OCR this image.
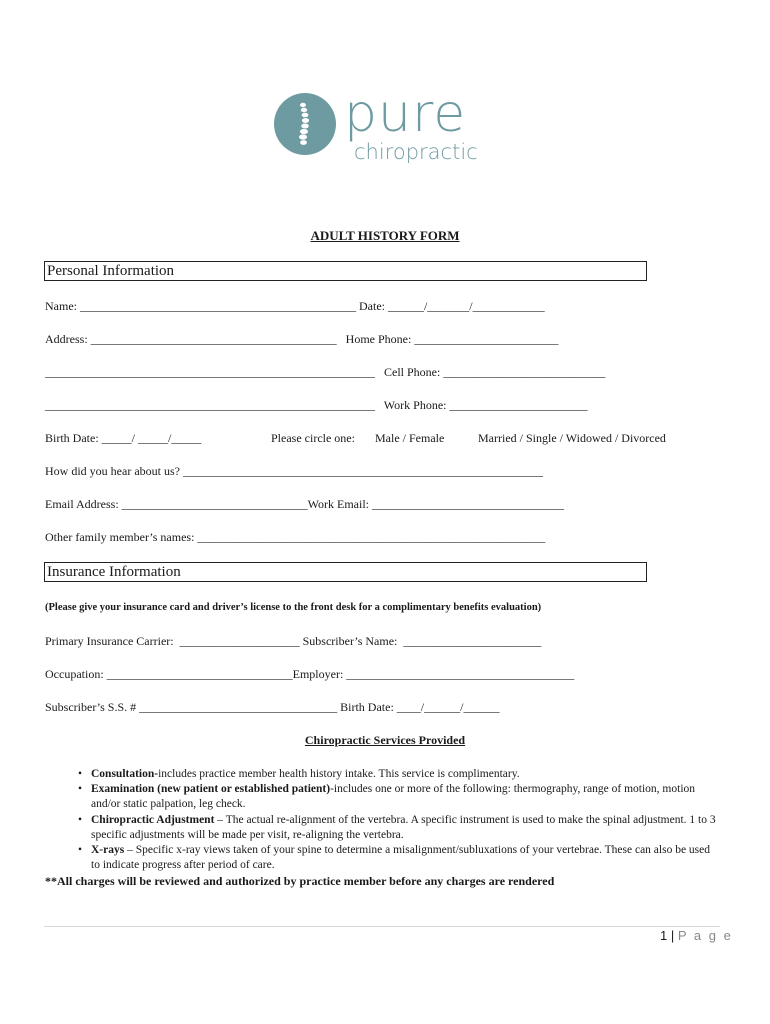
pure
chiropractic
ADULT HISTORY FORM
Personal Information
Name: ______________________________________________ Date: ______/_______/____________
Address: _________________________________________   Home Phone: ________________________
_______________________________________________________   Cell Phone: ___________________________
_______________________________________________________   Work Phone: _______________________
Birth Date: _____/ _____/_____	Please circle one: Male / Female	Married / Single / Widowed / Divorced
How did you hear about us? ____________________________________________________________
Email Address: _______________________________Work Email: ________________________________
Other family member’s names: __________________________________________________________
Insurance Information
(Please give your insurance card and driver’s license to the front desk for a complimentary benefits evaluation)
Primary Insurance Carrier:  ____________________ Subscriber’s Name:  _______________________
Occupation: _______________________________Employer: ______________________________________
Subscriber’s S.S. # _________________________________ Birth Date: ____/______/______
Chiropractic Services Provided
• Consultation-includes practice member health history intake. This service is complimentary.
• Examination (new patient or established patient)-includes one or more of the following: thermography, range of motion, motion and/or static palpation, leg check.
• Chiropractic Adjustment – The actual re-alignment of the vertebra. A specific instrument is used to make the spinal adjustment. 1 to 3 specific adjustments will be made per visit, re-aligning the vertebra.
• X-rays – Specific x-ray views taken of your spine to determine a misalignment/subluxations of your vertebrae. These can also be used to indicate progress after period of care.
**All charges will be reviewed and authorized by practice member before any charges are rendered
1 | P a g e
